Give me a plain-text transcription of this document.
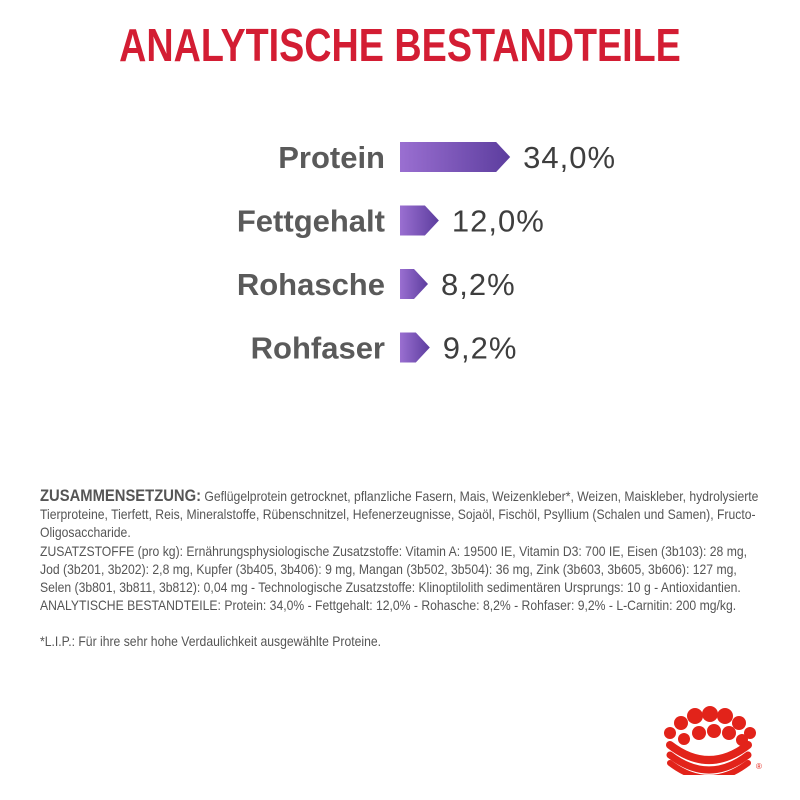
ANALYTISCHE BESTANDTEILE
Protein	34,0%
Fettgehalt 12,0%
Rohasche 8,2%
Rohfaser 9,2%

ZUSAMMENSETZUNG: Geflügelprotein getrocknet, pflanzliche Fasern, Mais, Weizenkleber*, Weizen, Maiskleber, hydrolysierte Tierproteine, Tierfett, Reis, Mineralstoffe, Rübenschnitzel, Hefenerzeugnisse, Sojaöl, Fischöl, Psyllium (Schalen und Samen), Fructo-Oligosaccharide.

ZUSATZSTOFFE (pro kg): Ernährungsphysiologische Zusatzstoffe: Vitamin A: 19500 IE, Vitamin D3: 700 IE, Eisen (3b103): 28 mg, Jod (3b201, 3b202): 2,8 mg, Kupfer (3b405, 3b406): 9 mg, Mangan (3b502, 3b504): 36 mg, Zink (3b603, 3b605, 3b606): 127 mg, Selen (3b801, 3b811, 3b812): 0,04 mg - Technologische Zusatzstoffe: Klinoptilolith sedimentären Ursprungs: 10 g - Antioxidantien.

ANALYTISCHE BESTANDTEILE: Protein: 34,0% - Fettgehalt: 12,0% - Rohasche: 8,2% - Rohfaser: 9,2% - L-Carnitin: 200 mg/kg.

*L.I.P.: Für ihre sehr hohe Verdaulichkeit ausgewählte Proteine.

®
